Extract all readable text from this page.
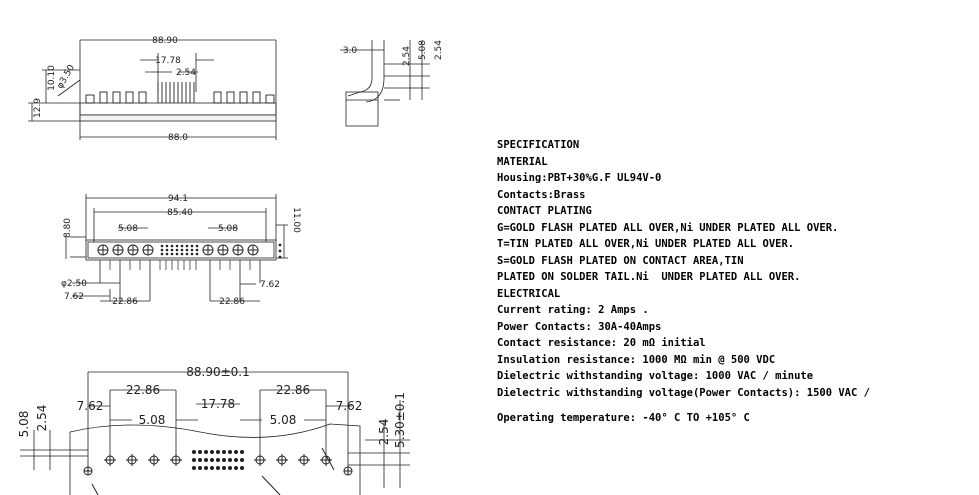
88.90
17.78
2.54
88.0
12.9
10.10
φ3.50
3.0	2.54 5.08 2.54
94.1
85.40
5.08	5.08
8.80	11.00
φ2.50
7.62	22.86	22.86
7.62
88.90±0.1
22.86	22.86
7.62	17.78	7.62
5.08	5.08
5.08 2.54
2.54 5.30±0.1
SPECIFICATION
MATERIAL
Housing:PBT+30%G.F UL94V-0
Contacts:Brass
CONTACT PLATING
G=GOLD FLASH PLATED ALL OVER,Ni UNDER PLATED ALL OVER.
T=TIN PLATED ALL OVER,Ni UNDER PLATED ALL OVER.
S=GOLD FLASH PLATED ON CONTACT AREA,TIN
PLATED ON SOLDER TAIL.Ni  UNDER PLATED ALL OVER.
ELECTRICAL
Current rating: 2 Amps .
Power Contacts: 30A-40Amps
Contact resistance: 20 mΩ initial
Insulation resistance: 1000 MΩ min @ 500 VDC
Dielectric withstanding voltage: 1000 VAC / minute
Dielectric withstanding voltage(Power Contacts): 1500 VAC /
Operating temperature: -40° C TO +105° C
